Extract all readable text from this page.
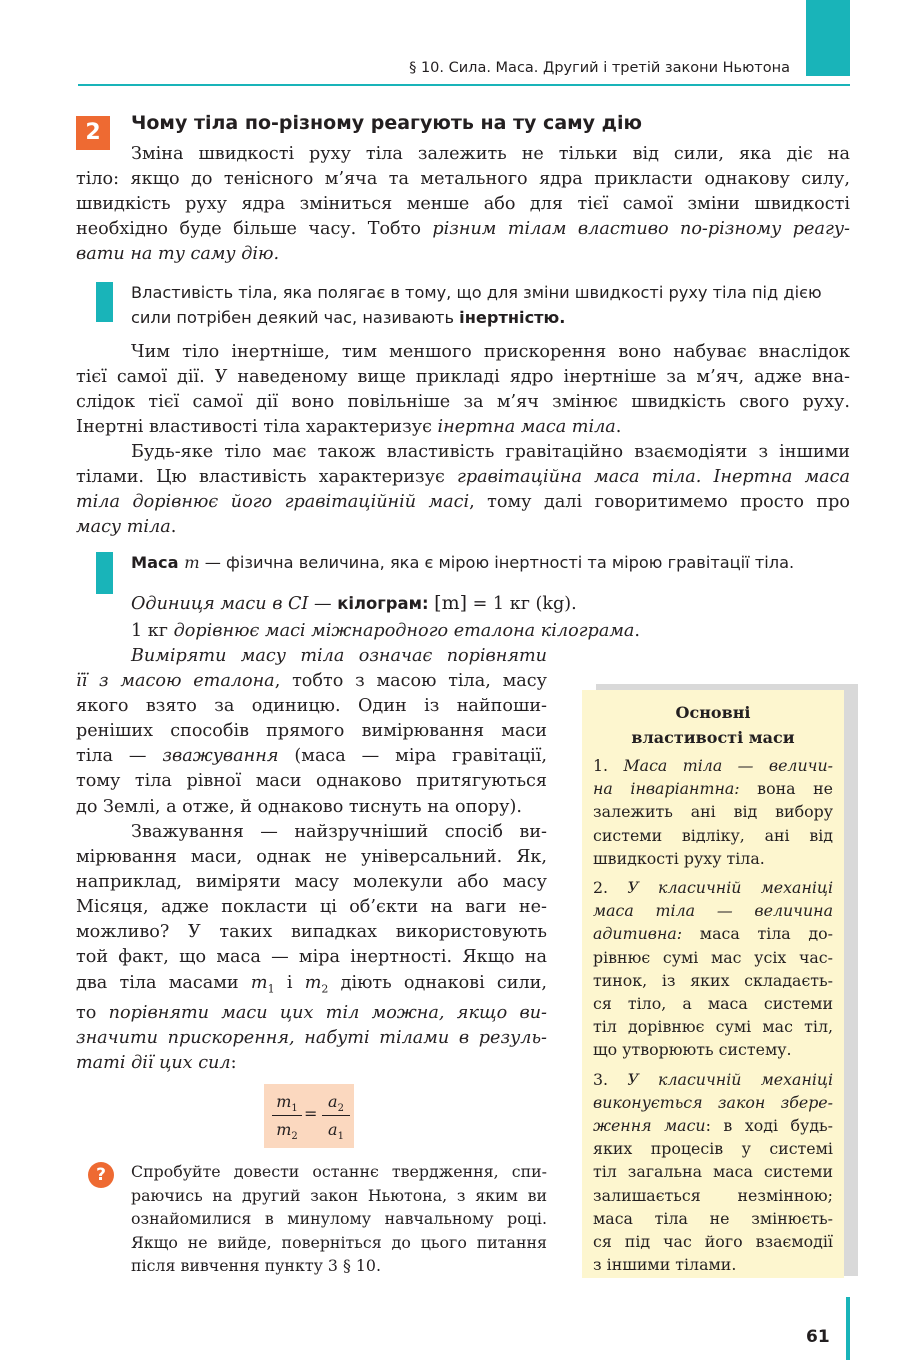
§ 10. Сила. Маса. Другий і третій закони Ньютона
2	Чому тіла по-різному реагують на ту саму дію
Зміна швидкості руху тіла залежить не тільки від сили, яка діє на
тіло: якщо до тенісного м’яча та метального ядра прикласти однакову силу,
швидкість руху ядра зміниться менше або для тієї самої зміни швидкості
необхідно буде більше часу. Тобто різним тілам властиво по-різному реагу-
вати на ту саму дію.
Властивість тіла, яка полягає в тому, що для зміни швидкості руху тіла під дією
сили потрібен деякий час, називають інертністю.
Чим тіло інертніше, тим меншого прискорення воно набуває внаслідок
тієї самої дії. У наведеному вище прикладі ядро інертніше за м’яч, адже вна-
слідок тієї самої дії воно повільніше за м’яч змінює швидкість свого руху.
Інертні властивості тіла характеризує інертна маса тіла.
Будь-яке тіло має також властивість гравітаційно взаємодіяти з іншими
тілами. Цю властивість характеризує гравітаційна маса тіла. Інертна маса
тіла дорівнює його гравітаційній масі, тому далі говоритимемо просто про
масу тіла.
Маса m — фізична величина, яка є мірою інертності та мірою гравітації тіла.
Одиниця маси в СІ — кілограм: [m] = 1 кг (kg).
1 кг дорівнює масі міжнародного еталона кілограма.
Виміряти масу тіла означає порівняти
її з масою еталона, тобто з масою тіла, масу
якого взято за одиницю. Один із найпоши-
реніших способів прямого вимірювання маси
тіла — зважування (маса — міра гравітації,
тому тіла рівної маси однаково притягуються
до Землі, а отже, й однаково тиснуть на опору).
Зважування — найзручніший спосіб ви-
мірювання маси, однак не універсальний. Як,
наприклад, виміряти масу молекули або масу
Місяця, адже покласти ці об’єкти на ваги не-
можливо? У таких випадках використовують
той факт, що маса — міра інертності. Якщо на
два тіла масами $m_1$ і $m_2$ діють однакові сили,
то порівняти маси цих тіл можна, якщо ви-
значити прискорення, набуті тілами в резуль-
таті дії цих сил:
$m_1$
$m_2$
=
$a_2$
$a_1$
?	Спробуйте довести останнє твердження, спи-
раючись на другий закон Ньютона, з яким ви
ознайомилися в минулому навчальному році.
Якщо не вийде, поверніться до цього питання
після вивчення пункту 3 § 10.
Основні
властивості маси
1. Маса тіла — величи-
на інваріантна: вона не
залежить ані від вибору
системи відліку, ані від
швидкості руху тіла.
2. У класичній механіці
маса тіла — величина
адитивна: маса тіла до-
рівнює сумі мас усіх час-
тинок, із яких складаєть-
ся тіло, а маса системи
тіл дорівнює сумі мас тіл,
що утворюють систему.
3. У класичній механіці
виконується закон збере-
ження маси: в ході будь-
яких процесів у системі
тіл загальна маса системи
залишається незмінною;
маса тіла не змінюєть-
ся під час його взаємодії
з іншими тілами.
61
